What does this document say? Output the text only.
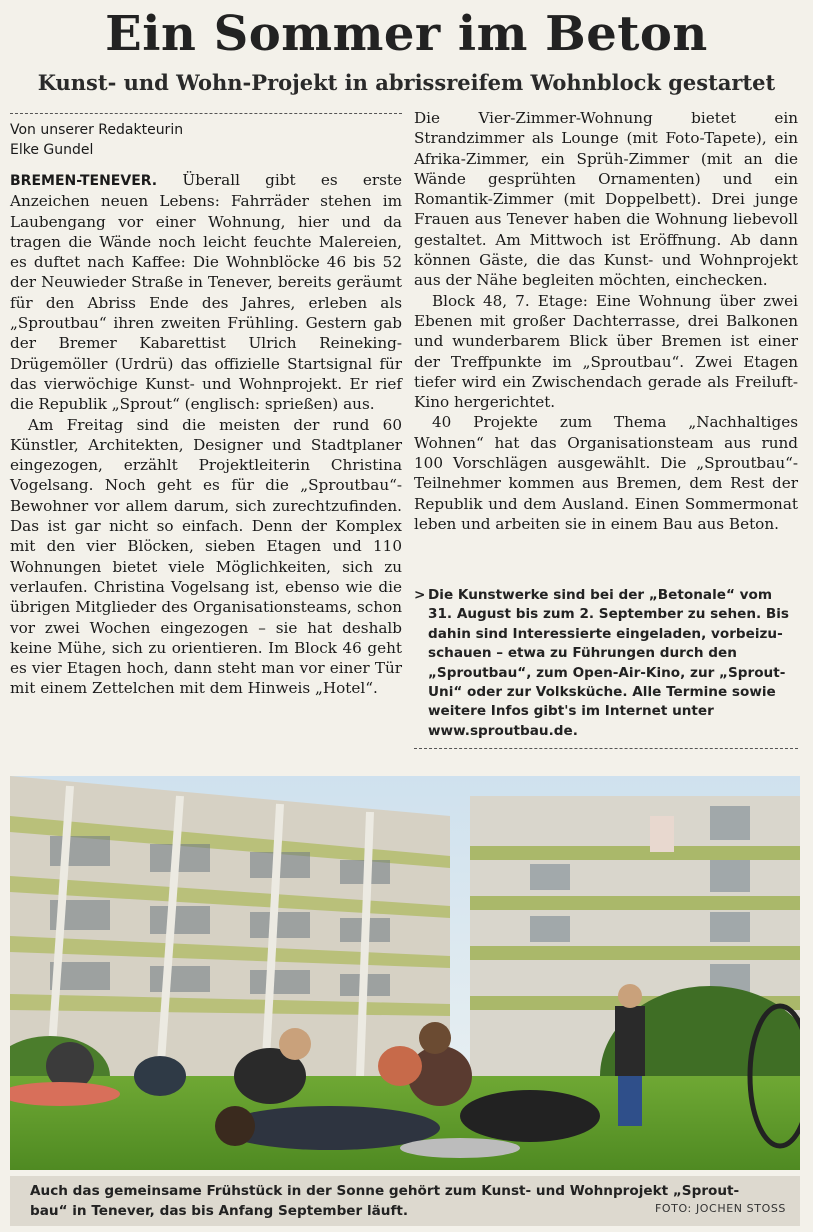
Ein Sommer im Beton
Kunst- und Wohn-Projekt in abrissreifem Wohnblock gestartet
Von unserer Redakteurin
Elke Gundel

BREMEN-TENEVER. Überall gibt es erste Anzeichen neuen Lebens: Fahrräder stehen im Laubengang vor einer Wohnung, hier und da tragen die Wände noch leicht feuchte Malereien, es duftet nach Kaffee: Die Wohnblöcke 46 bis 52 der Neuwieder Straße in Tenever, bereits geräumt für den Abriss Ende des Jahres, erleben als „Sproutbau“ ihren zweiten Frühling. Gestern gab der Bremer Kabarettist Ulrich Reineking-Drügemöller (Urdrü) das offizielle Startsignal für das vierwöchige Kunst- und Wohnprojekt. Er rief die Republik „Sprout“ (englisch: sprießen) aus.

Am Freitag sind die meisten der rund 60 Künstler, Architekten, Designer und Stadtplaner eingezogen, erzählt Projektleiterin Christina Vogelsang. Noch geht es für die „Sproutbau“-Bewohner vor allem darum, sich zurechtzufinden. Das ist gar nicht so einfach. Denn der Komplex mit den vier Blöcken, sieben Etagen und 110 Wohnungen bietet viele Möglichkeiten, sich zu verlaufen. Christina Vogelsang ist, ebenso wie die übrigen Mitglieder des Organisationsteams, schon vor zwei Wochen eingezogen – sie hat deshalb keine Mühe, sich zu orientieren. Im Block 46 geht es vier Etagen hoch, dann steht man vor einer Tür mit einem Zettelchen mit dem Hinweis „Hotel“.

Die Vier-Zimmer-Wohnung bietet ein Strandzimmer als Lounge (mit Foto-Tapete), ein Afrika-Zimmer, ein Sprüh-Zimmer (mit an die Wände gesprühten Ornamenten) und ein Romantik-Zimmer (mit Doppelbett). Drei junge Frauen aus Tenever haben die Wohnung liebevoll gestaltet. Am Mittwoch ist Eröffnung. Ab dann können Gäste, die das Kunst- und Wohnprojekt aus der Nähe begleiten möchten, einchecken.

Block 48, 7. Etage: Eine Wohnung über zwei Ebenen mit großer Dachterrasse, drei Balkonen und wunderbarem Blick über Bremen ist einer der Treffpunkte im „Sproutbau“. Zwei Etagen tiefer wird ein Zwischendach gerade als Freiluft-Kino hergerichtet.

40 Projekte zum Thema „Nachhaltiges Wohnen“ hat das Organisationsteam aus rund 100 Vorschlägen ausgewählt. Die „Sproutbau“-Teilnehmer kommen aus Bremen, dem Rest der Republik und dem Ausland. Einen Sommermonat leben und arbeiten sie in einem Bau aus Beton.

> Die Kunstwerke sind bei der „Betonale“ vom
31. August bis zum 2. September zu sehen. Bis
dahin sind Interessierte eingeladen, vorbeizu-
schauen – etwa zu Führungen durch den
„Sproutbau“, zum Open-Air-Kino, zur „Sprout-
Uni“ oder zur Volksküche. Alle Termine sowie
weitere Infos gibt's im Internet unter
www.sproutbau.de.
Auch das gemeinsame Frühstück in der Sonne gehört zum Kunst- und Wohnprojekt „Sprout-
bau“ in Tenever, das bis Anfang September läuft.	FOTO: JOCHEN STOSS
